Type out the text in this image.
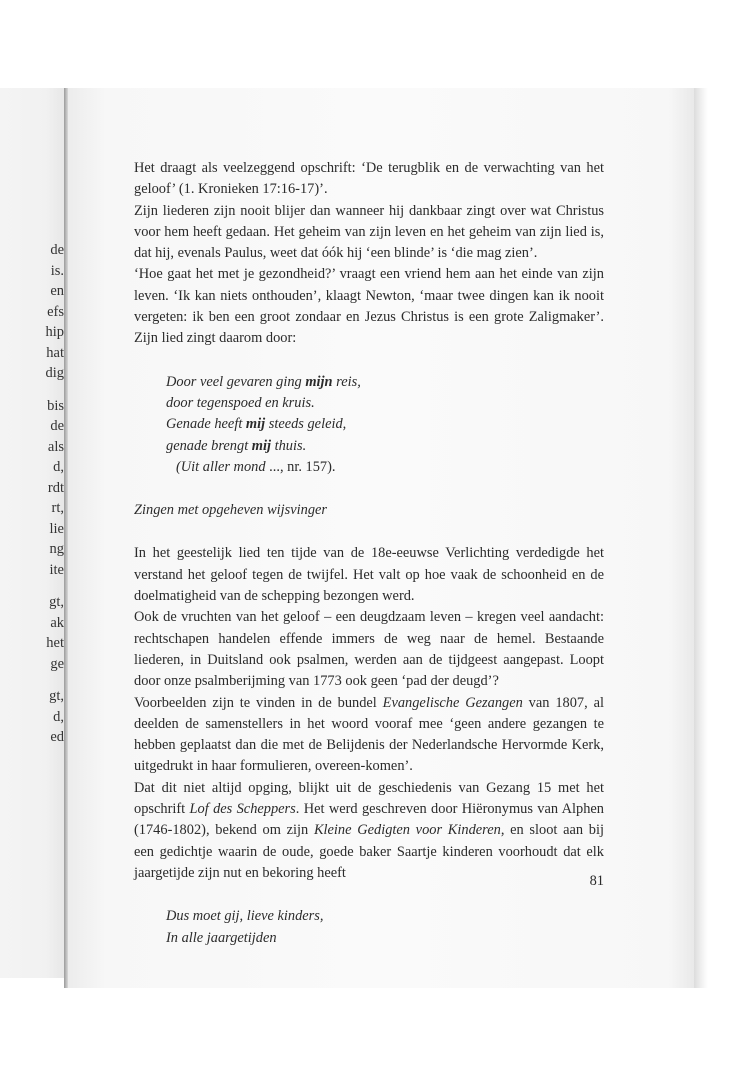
de
is.
en
efs
hip
hat
dig
bis
de
als
d,
rdt
rt,
lie
ng
ite
gt,
ak
het
ge
gt,
d,
ed

Het draagt als veelzeggend opschrift: ‘De terugblik en de verwachting van het geloof’ (1. Kronieken 17:16-17)’.

Zijn liederen zijn nooit blijer dan wanneer hij dankbaar zingt over wat Christus voor hem heeft gedaan. Het geheim van zijn leven en het geheim van zijn lied is, dat hij, evenals Paulus, weet dat óók hij ‘een blinde’ is ‘die mag zien’.

‘Hoe gaat het met je gezondheid?’ vraagt een vriend hem aan het einde van zijn leven. ‘Ik kan niets onthouden’, klaagt Newton, ‘maar twee dingen kan ik nooit vergeten: ik ben een groot zondaar en Jezus Christus is een grote Zaligmaker’. Zijn lied zingt daarom door:

Door veel gevaren ging mijn reis,
door tegenspoed en kruis.
Genade heeft mij steeds geleid,
genade brengt mij thuis.
(Uit aller mond ..., nr. 157).

Zingen met opgeheven wijsvinger

In het geestelijk lied ten tijde van de 18e-eeuwse Verlichting verdedigde het verstand het geloof tegen de twijfel. Het valt op hoe vaak de schoonheid en de doelmatigheid van de schepping bezongen werd.

Ook de vruchten van het geloof – een deugdzaam leven – kregen veel aandacht: rechtschapen handelen effende immers de weg naar de hemel. Bestaande liederen, in Duitsland ook psalmen, werden aan de tijdgeest aangepast. Loopt door onze psalmberijming van 1773 ook geen ‘pad der deugd’?

Voorbeelden zijn te vinden in de bundel Evangelische Gezangen van 1807, al deelden de samenstellers in het woord vooraf mee ‘geen andere gezangen te hebben geplaatst dan die met de Belijdenis der Nederlandsche Hervormde Kerk, uitgedrukt in haar formulieren, overeen-komen’.

Dat dit niet altijd opging, blijkt uit de geschiedenis van Gezang 15 met het opschrift Lof des Scheppers. Het werd geschreven door Hiëronymus van Alphen (1746-1802), bekend om zijn Kleine Gedigten voor Kinderen, en sloot aan bij een gedichtje waarin de oude, goede baker Saartje kinderen voorhoudt dat elk jaargetijde zijn nut en bekoring heeft

Dus moet gij, lieve kinders,
In alle jaargetijden
81
